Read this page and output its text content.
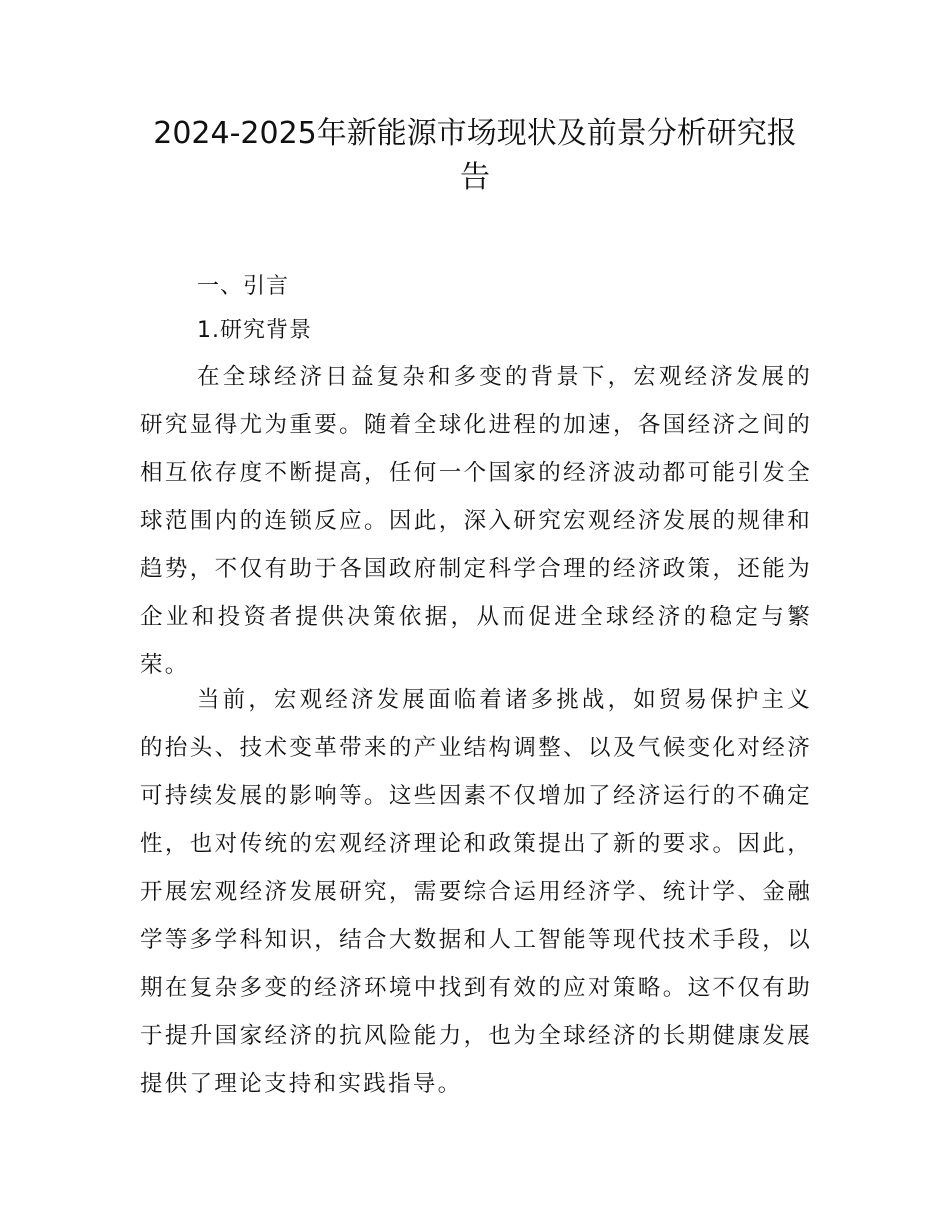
2024-2025年新能源市场现状及前景分析研究报告
一、引言
1.研究背景

在全球经济日益复杂和多变的背景下，宏观经济发展的研究显得尤为重要。随着全球化进程的加速，各国经济之间的相互依存度不断提高，任何一个国家的经济波动都可能引发全球范围内的连锁反应。因此，深入研究宏观经济发展的规律和趋势，不仅有助于各国政府制定科学合理的经济政策，还能为企业和投资者提供决策依据，从而促进全球经济的稳定与繁荣。

当前，宏观经济发展面临着诸多挑战，如贸易保护主义的抬头、技术变革带来的产业结构调整、以及气候变化对经济可持续发展的影响等。这些因素不仅增加了经济运行的不确定性，也对传统的宏观经济理论和政策提出了新的要求。因此，开展宏观经济发展研究，需要综合运用经济学、统计学、金融学等多学科知识，结合大数据和人工智能等现代技术手段，以期在复杂多变的经济环境中找到有效的应对策略。这不仅有助于提升国家经济的抗风险能力，也为全球经济的长期健康发展提供了理论支持和实践指导。
